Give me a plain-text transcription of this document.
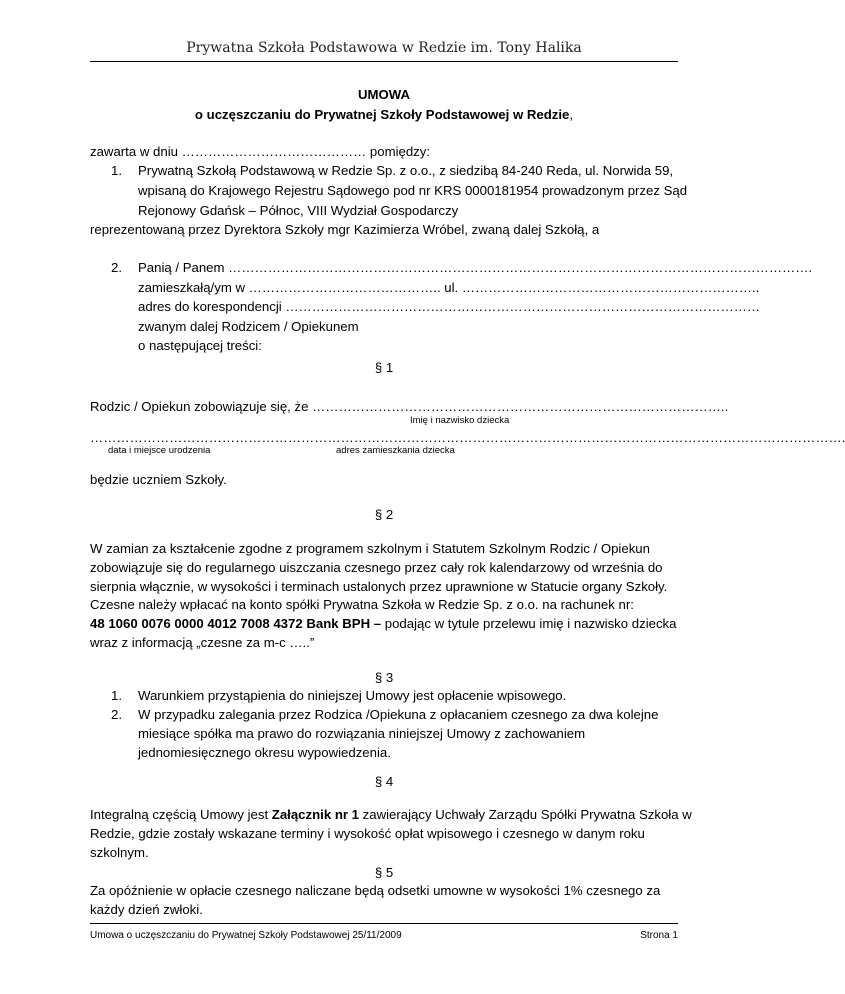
Prywatna Szkoła Podstawowa w Redzie im. Tony Halika
UMOWA
o uczęszczaniu do Prywatnej Szkoły Podstawowej w Redzie,
zawarta w dniu …………………………………… pomiędzy:
1. Prywatną Szkołą Podstawową w Redzie Sp. z o.o., z siedzibą 84-240 Reda, ul. Norwida 59,
wpisaną do Krajowego Rejestru Sądowego pod nr KRS 0000181954 prowadzonym przez Sąd
Rejonowy Gdańsk – Północ, VIII Wydział Gospodarczy
reprezentowaną przez Dyrektora Szkoły mgr Kazimierza Wróbel, zwaną dalej Szkołą, a
2. Panią / Panem …………………………………………………………………………………………………………………….
zamieszkałą/ym w …………………………………….. ul. …………………………………………………………..
adres do korespondencji ………………………………………………………………………………………………
zwanym dalej Rodzicem / Opiekunem
o następującej treści:
§ 1
Rodzic / Opiekun zobowiązuje się, że …………………………………………………………………………………..
Imię i nazwisko dziecka
……………………………………………………………………………………………………………………………………………………….
data i miejsce urodzenia	adres zamieszkania dziecka
będzie uczniem Szkoły.
§ 2
W zamian za kształcenie zgodne z programem szkolnym i Statutem Szkolnym Rodzic / Opiekun
zobowiązuje się do regularnego uiszczania czesnego przez cały rok kalendarzowy od września do
sierpnia włącznie, w wysokości i terminach ustalonych przez uprawnione w Statucie organy Szkoły.
Czesne należy wpłacać na konto spółki Prywatna Szkoła w Redzie Sp. z o.o. na rachunek nr:
48 1060 0076 0000 4012 7008 4372 Bank BPH – podając w tytule przelewu imię i nazwisko dziecka
wraz z informacją „czesne za m-c …..”
§ 3
1. Warunkiem przystąpienia do niniejszej Umowy jest opłacenie wpisowego.
2. W przypadku zalegania przez Rodzica /Opiekuna z opłacaniem czesnego za dwa kolejne
miesiące spółka ma prawo do rozwiązania niniejszej Umowy z zachowaniem
jednomiesięcznego okresu wypowiedzenia.
§ 4
Integralną częścią Umowy jest Załącznik nr 1 zawierający Uchwały Zarządu Spółki Prywatna Szkoła w
Redzie, gdzie zostały wskazane terminy i wysokość opłat wpisowego i czesnego w danym roku
szkolnym.
§ 5
Za opóźnienie w opłacie czesnego naliczane będą odsetki umowne w wysokości 1% czesnego za
każdy dzień zwłoki.
Umowa o uczęszczaniu do Prywatnej Szkoły Podstawowej 25/11/2009	Strona 1
